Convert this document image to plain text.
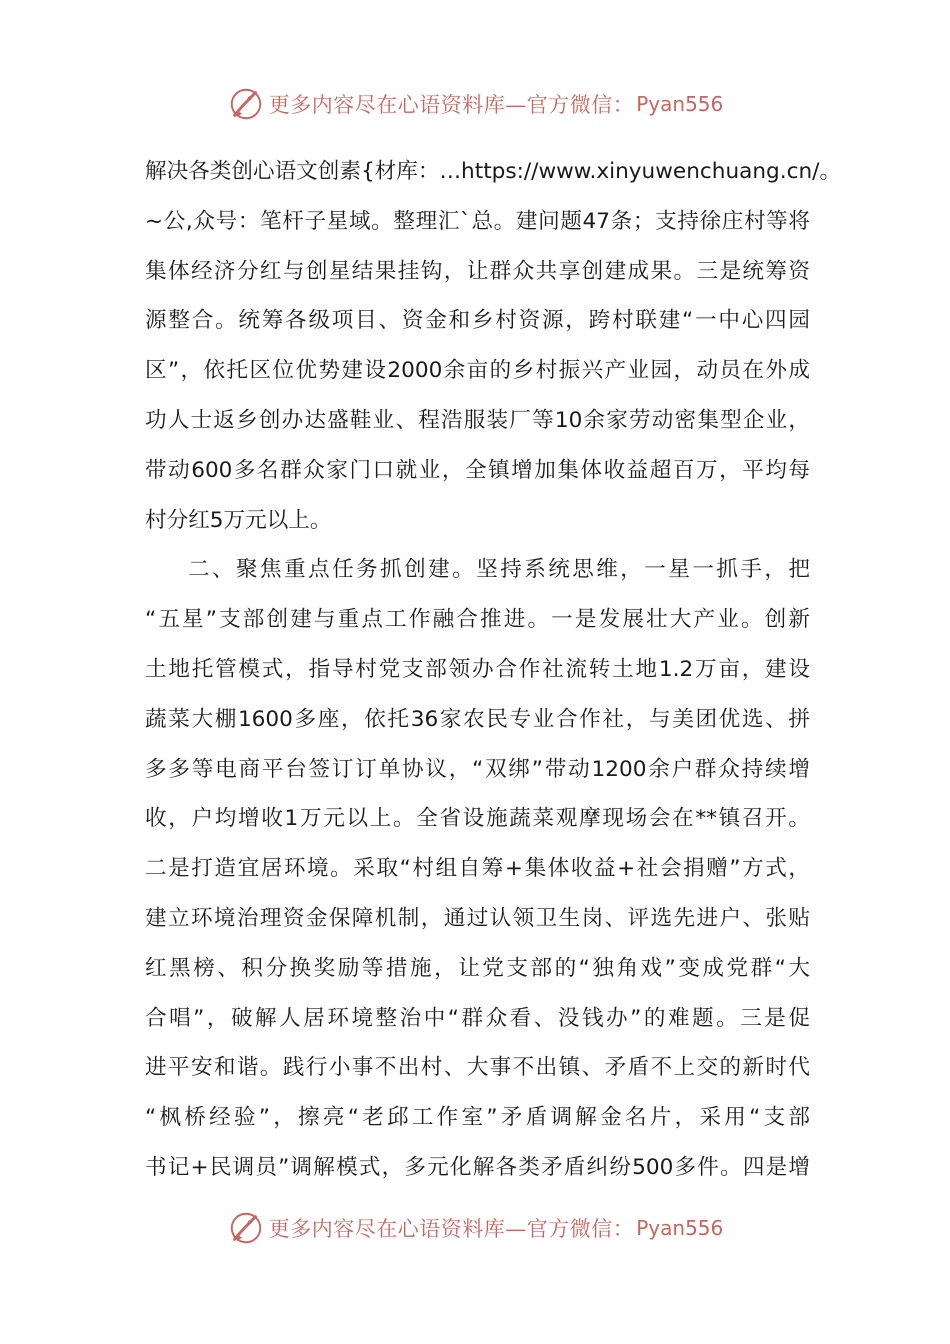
更多内容尽在心语资料库—官方微信： Pyan556
解决各类创心语文创素{材库：…https://www.xinyuwenchuang.cn/。
~公,众号：笔杆子星域。整理汇`总。建问题47条；支持徐庄村等将
集体经济分红与创星结果挂钩，让群众共享创建成果。三是统筹资
源整合。统筹各级项目、资金和乡村资源，跨村联建“一中心四园
区”，依托区位优势建设2000余亩的乡村振兴产业园，动员在外成
功人士返乡创办达盛鞋业、程浩服装厂等10余家劳动密集型企业，
带动600多名群众家门口就业，全镇增加集体收益超百万，平均每
村分红5万元以上。
二、聚焦重点任务抓创建。坚持系统思维，一星一抓手，把
“五星”支部创建与重点工作融合推进。一是发展壮大产业。创新
土地托管模式，指导村党支部领办合作社流转土地1.2万亩，建设
蔬菜大棚1600多座，依托36家农民专业合作社，与美团优选、拼
多多等电商平台签订订单协议，“双绑”带动1200余户群众持续增
收，户均增收1万元以上。全省设施蔬菜观摩现场会在**镇召开。
二是打造宜居环境。采取“村组自筹+集体收益+社会捐赠”方式，
建立环境治理资金保障机制，通过认领卫生岗、评选先进户、张贴
红黑榜、积分换奖励等措施，让党支部的“独角戏”变成党群“大
合唱”，破解人居环境整治中“群众看、没钱办”的难题。三是促
进平安和谐。践行小事不出村、大事不出镇、矛盾不上交的新时代
“枫桥经验”，擦亮“老邱工作室”矛盾调解金名片，采用“支部
书记+民调员”调解模式，多元化解各类矛盾纠纷500多件。四是增
更多内容尽在心语资料库—官方微信： Pyan556
